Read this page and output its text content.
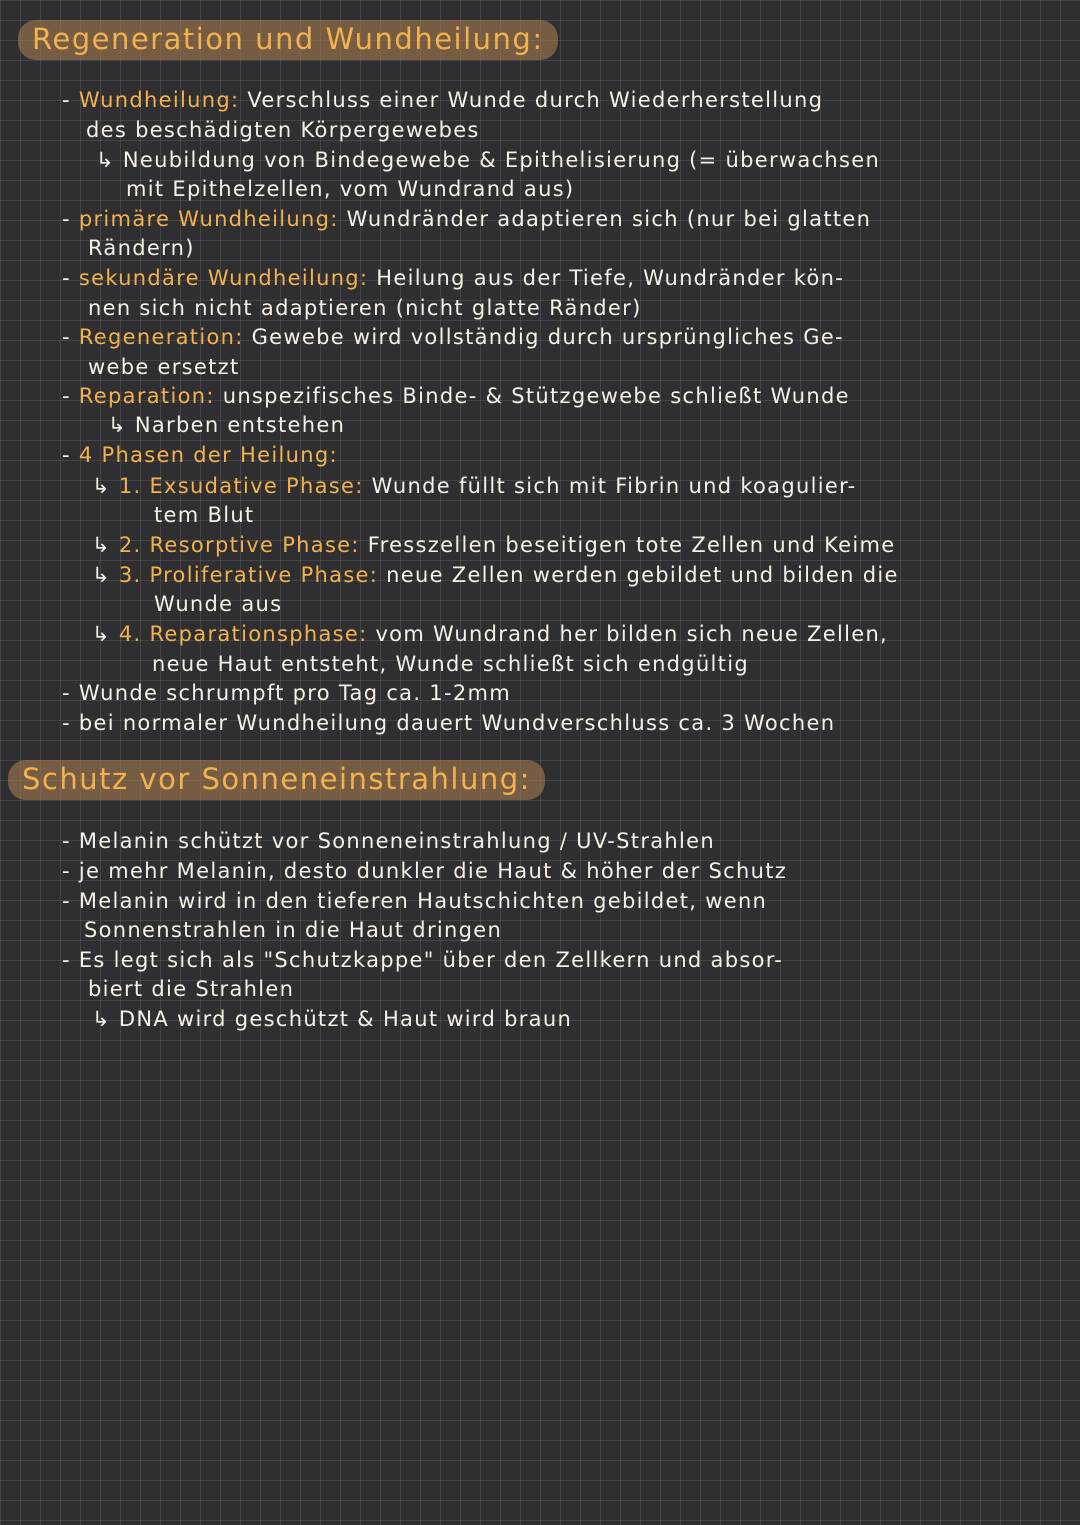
Regeneration und Wundheilung:
- Wundheilung: Verschluss einer Wunde durch Wiederherstellung
des beschädigten Körpergewebes
↳ Neubildung von Bindegewebe & Epithelisierung (= überwachsen
mit Epithelzellen, vom Wundrand aus)
- primäre Wundheilung: Wundränder adaptieren sich (nur bei glatten
Rändern)
- sekundäre Wundheilung: Heilung aus der Tiefe, Wundränder kön-
nen sich nicht adaptieren (nicht glatte Ränder)
- Regeneration: Gewebe wird vollständig durch ursprüngliches Ge-
webe ersetzt
- Reparation: unspezifisches Binde- & Stützgewebe schließt Wunde
↳ Narben entstehen
- 4 Phasen der Heilung:
↳ 1. Exsudative Phase: Wunde füllt sich mit Fibrin und koagulier-
tem Blut
↳ 2. Resorptive Phase: Fresszellen beseitigen tote Zellen und Keime
↳ 3. Proliferative Phase: neue Zellen werden gebildet und bilden die
Wunde aus
↳ 4. Reparationsphase: vom Wundrand her bilden sich neue Zellen,
neue Haut entsteht, Wunde schließt sich endgültig
- Wunde schrumpft pro Tag ca. 1-2mm
- bei normaler Wundheilung dauert Wundverschluss ca. 3 Wochen
Schutz vor Sonneneinstrahlung:
- Melanin schützt vor Sonneneinstrahlung / UV-Strahlen
- je mehr Melanin, desto dunkler die Haut & höher der Schutz
- Melanin wird in den tieferen Hautschichten gebildet, wenn
Sonnenstrahlen in die Haut dringen
- Es legt sich als "Schutzkappe" über den Zellkern und absor-
biert die Strahlen
↳ DNA wird geschützt & Haut wird braun
